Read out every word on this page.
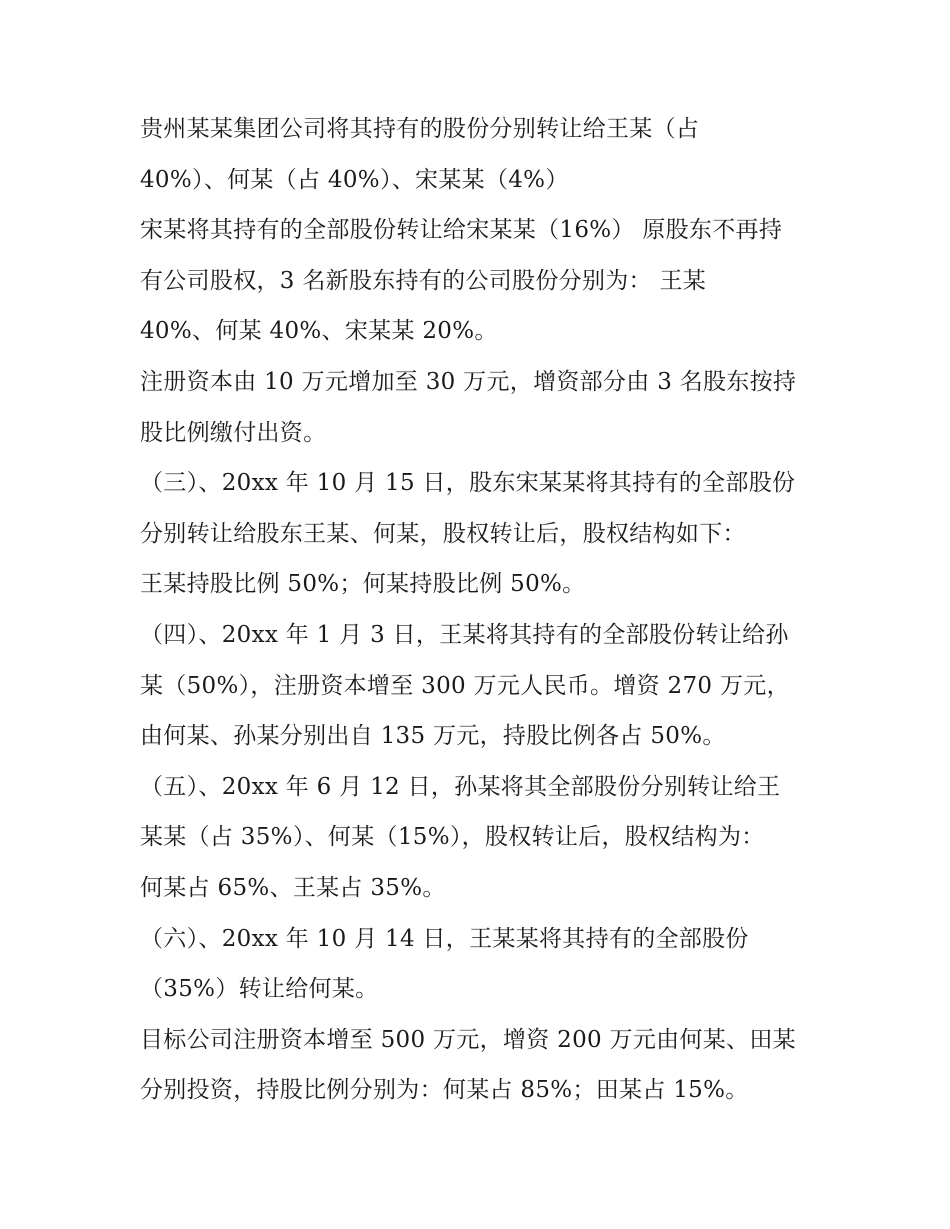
贵州某某集团公司将其持有的股份分别转让给王某（占
40%）、何某（占 40%）、宋某某（4%）
宋某将其持有的全部股份转让给宋某某（16%） 原股东不再持
有公司股权，3 名新股东持有的公司股份分别为： 王某
40%、何某 40%、宋某某 20%。
注册资本由 10 万元增加至 30 万元，增资部分由 3 名股东按持
股比例缴付出资。
（三）、20xx 年 10 月 15 日，股东宋某某将其持有的全部股份
分别转让给股东王某、何某，股权转让后，股权结构如下：
王某持股比例 50%；何某持股比例 50%。
（四）、20xx 年 1 月 3 日，王某将其持有的全部股份转让给孙
某（50%），注册资本增至 300 万元人民币。增资 270 万元，
由何某、孙某分别出自 135 万元，持股比例各占 50%。
（五）、20xx 年 6 月 12 日，孙某将其全部股份分别转让给王
某某（占 35%）、何某（15%），股权转让后，股权结构为：
何某占 65%、王某占 35%。
（六）、20xx 年 10 月 14 日，王某某将其持有的全部股份
（35%）转让给何某。
目标公司注册资本增至 500 万元，增资 200 万元由何某、田某
分别投资，持股比例分别为：何某占 85%；田某占 15%。
